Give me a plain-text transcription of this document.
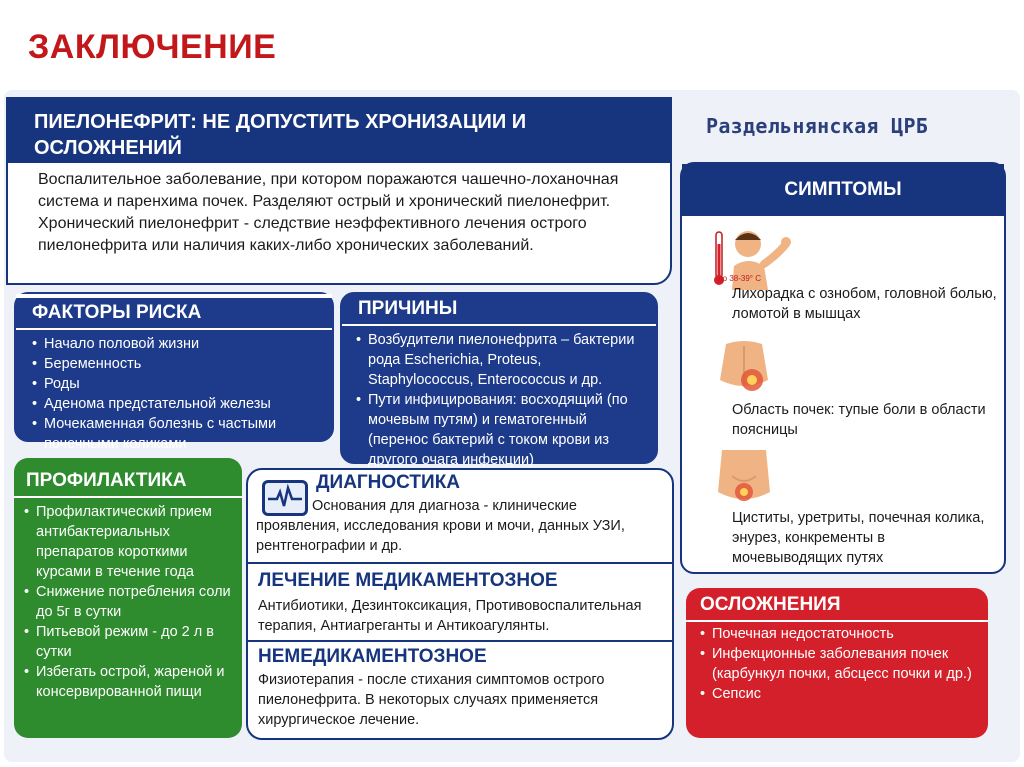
ЗАКЛЮЧЕНИЕ
ПИЕЛОНЕФРИТ: НЕ ДОПУСТИТЬ ХРОНИЗАЦИИ И ОСЛОЖНЕНИЙ
Воспалительное заболевание, при котором поражаются чашечно-лоханочная система и паренхима почек. Разделяют острый и хронический пиелонефрит. Хронический пиелонефрит - следствие неэффективного лечения острого пиелонефрита или наличия каких-либо хронических заболеваний.
Раздельнянская ЦРБ
ФАКТОРЫ РИСКА
• Начало половой жизни
• Беременность
• Роды
• Аденома предстательной железы
• Мочекаменная болезнь с частыми почечными коликами
ПРИЧИНЫ
• Возбудители пиелонефрита – бактерии рода Escherichia, Proteus, Staphylococcus, Enterococcus и др.
• Пути инфицирования: восходящий (по мочевым путям) и гематогенный (перенос бактерий с током крови из другого очага инфекции)
ПРОФИЛАКТИКА
• Профилактический прием антибактериальных препаратов короткими курсами в течение года
• Снижение потребления соли до 5г в сутки
• Питьевой режим - до 2 л в сутки
• Избегать острой, жареной и консервированной пищи
ДИАГНОСТИКА
Основания для диагноза - клинические проявления, исследования крови и мочи, данных УЗИ, рентгенографии и др.
ЛЕЧЕНИЕ МЕДИКАМЕНТОЗНОЕ
Антибиотики, Дезинтоксикация, Противовоспалительная терапия, Антиагреганты и Антикоагулянты.
НЕМЕДИКАМЕНТОЗНОЕ
Физиотерапия - после стихания симптомов острого пиелонефрита. В некоторых случаях применяется хирургическое лечение.
СИМПТОМЫ
до 38-39° С
Лихорадка с ознобом, головной болью, ломотой в мышцах
Область почек: тупые боли в области поясницы
Циститы, уретриты, почечная колика, энурез, конкременты в мочевыводящих путях
ОСЛОЖНЕНИЯ
• Почечная недостаточность
• Инфекционные заболевания почек (карбункул почки, абсцесс почки и др.)
• Сепсис
